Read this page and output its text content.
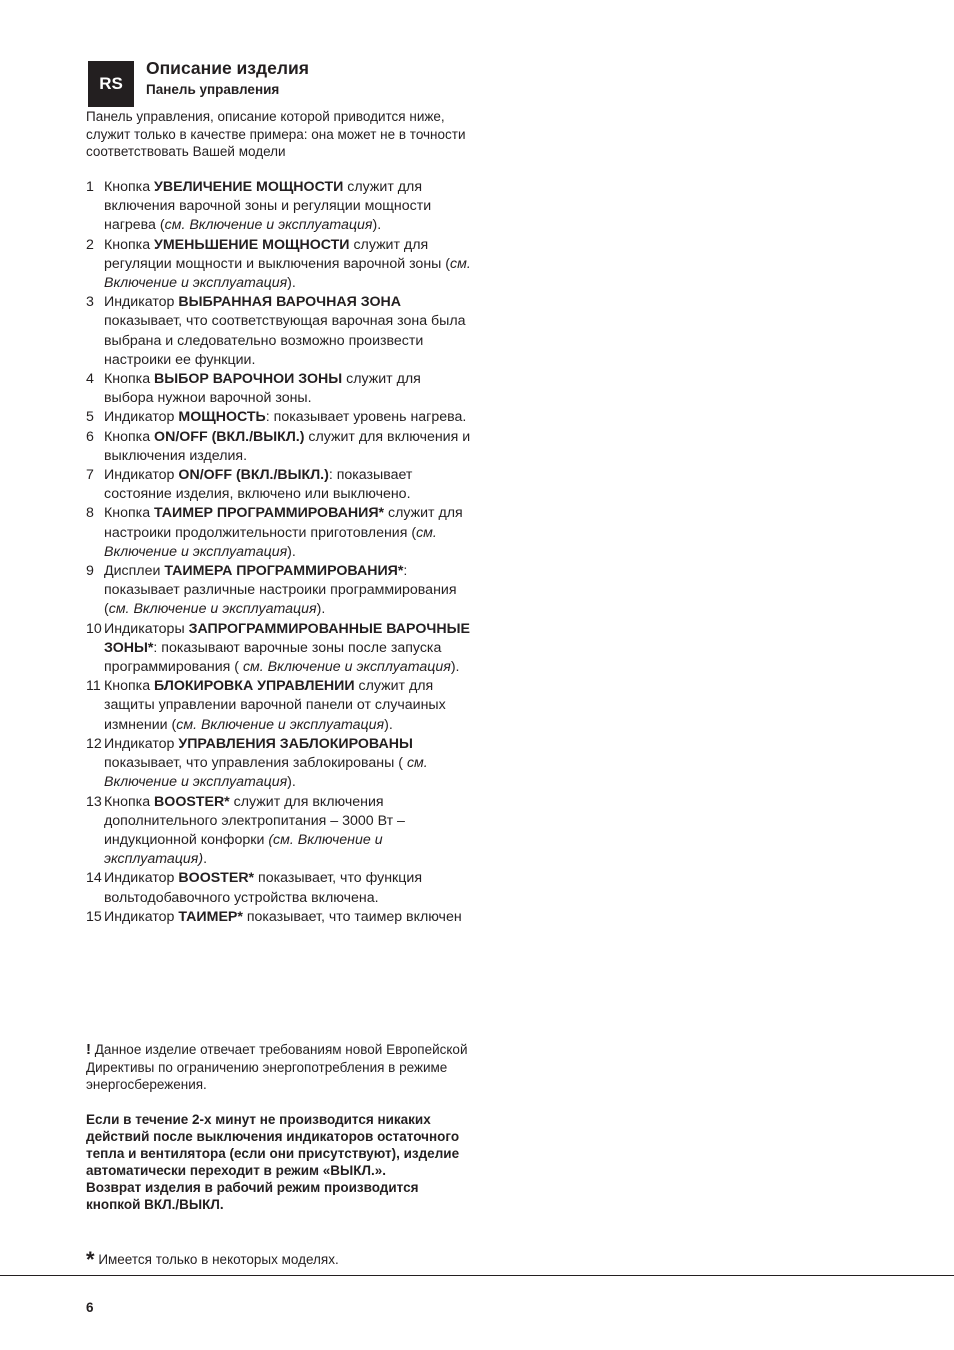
RS
Описание изделия
Панель управления
Панель управления, описание которой приводится ниже, служит только в качестве примера: она может не в точности соответствовать Вашей модели
1 Кнопка УВЕЛИЧЕНИЕ МОЩНОСТИ служит для включения варочной зоны и регуляции мощности нагрева (см. Включение и эксплуатация).
2 Кнопка УМЕНЬШЕНИЕ МОЩНОСТИ служит для регуляции мощности и выключения варочной зоны (см. Включение и эксплуатация).
3 Индикатор ВЫБРАННАЯ ВАРОЧНАЯ ЗОНА показывает, что соответствующая варочная зона была выбрана и следовательно возможно произвести настроики ее функции.
4 Кнопка ВЫБОР ВАРОЧНОИ ЗОНЫ служит для выбора нужнои варочной зоны.
5 Индикатор МОЩНОСТЬ: показывает уровень нагрева.
6 Кнопка ON/OFF (ВКЛ./ВЫКЛ.) служит для включения и выключения изделия.
7 Индикатор ON/OFF (ВКЛ./ВЫКЛ.): показывает состояние изделия, включено или выключено.
8 Кнопка ТАИМЕР ПРОГРАММИРОВАНИЯ* служит для настроики продолжительности приготовления (см. Включение и эксплуатация).
9 Дисплеи ТАИМЕРА ПРОГРАММИРОВАНИЯ*: показывает различные настроики программирования (см. Включение и эксплуатация).
10 Индикаторы ЗАПРОГРАММИРОВАННЫЕ ВАРОЧНЫЕ ЗОНЫ*: показывают варочные зоны после запуска программирования ( см. Включение и эксплуатация).
11 Кнопка БЛОКИРОВКА УПРАВЛЕНИИ служит для защиты управлении варочной панели от случаиных измнении (см. Включение и эксплуатация).
12 Индикатор УПРАВЛЕНИЯ ЗАБЛОКИРОВАНЫ показывает, что управления заблокированы ( см. Включение и эксплуатация).
13 Кнопка BOOSTER* служит для включения дополнительного электропитания – 3000 Вт – индукционной конфорки (см. Включение и эксплуатация).
14 Индикатор BOOSTER* показывает, что функция вольтодобавочного устройства включена.
15 Индикатор ТАИМЕР* показывает, что таимер включен
! Данное изделие отвечает требованиям новой Европейской Директивы по ограничению энергопотребления в режиме энергосбережения.
Если в течение 2-х минут не производится никаких действий после выключения индикаторов остаточного тепла и вентилятора (если они присутствуют), изделие автоматически переходит в режим «ВЫКЛ.».
Возврат изделия в рабочий режим производится кнопкой ВКЛ./ВЫКЛ.
* Имеется только в некоторых моделях.
6
